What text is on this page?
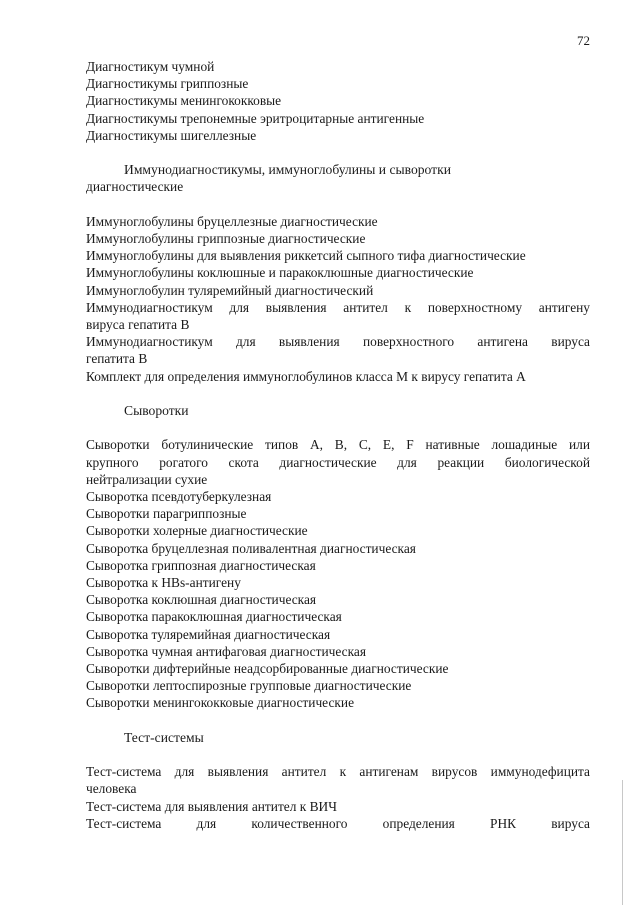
72
Диагностикум чумной
Диагностикумы гриппозные
Диагностикумы менингококковые
Диагностикумы трепонемные эритроцитарные антигенные
Диагностикумы шигеллезные
Иммунодиагностикумы, иммуноглобулины и сыворотки
диагностические
Иммуноглобулины бруцеллезные диагностические
Иммуноглобулины гриппозные диагностические
Иммуноглобулины для выявления риккетсий сыпного тифа диагностические
Иммуноглобулины коклюшные и паракоклюшные диагностические
Иммуноглобулин туляремийный диагностический
Иммунодиагностикум для выявления антител к поверхностному антигену
вируса гепатита В
Иммунодиагностикум для выявления поверхностного антигена вируса
гепатита В
Комплект для определения иммуноглобулинов класса М к вирусу гепатита А
Сыворотки
Сыворотки ботулинические типов А, В, С, Е, F нативные лошадиные или
крупного рогатого скота диагностические для реакции биологической
нейтрализации сухие
Сыворотка псевдотуберкулезная
Сыворотки парагриппозные
Сыворотки холерные диагностические
Сыворотка бруцеллезная поливалентная диагностическая
Сыворотка гриппозная диагностическая
Сыворотка к HBs-антигену
Сыворотка коклюшная диагностическая
Сыворотка паракоклюшная диагностическая
Сыворотка туляремийная диагностическая
Сыворотка чумная антифаговая диагностическая
Сыворотки дифтерийные неадсорбированные диагностические
Сыворотки лептоспирозные групповые диагностические
Сыворотки менингококковые диагностические
Тест-системы
Тест-система для выявления антител к антигенам вирусов иммунодефицита
человека
Тест-система для выявления антител к ВИЧ
Тест-система для количественного определения РНК вируса
